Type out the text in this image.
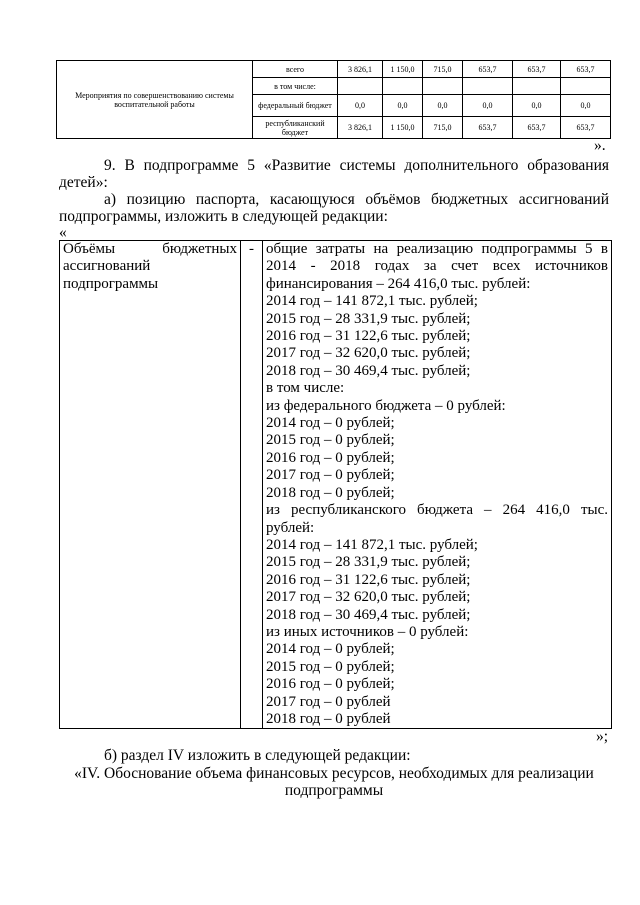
Мероприятия по совершенствованию системы воспитательной работы	всего	3 826,1	1 150,0	715,0	653,7	653,7	653,7
	в том числе:						
	федеральный бюджет	0,0	0,0	0,0	0,0	0,0	0,0
	республиканский бюджет	3 826,1	1 150,0	715,0	653,7	653,7	653,7
».
9. В подпрограмме 5 «Развитие системы дополнительного образования
детей»:
а) позицию паспорта, касающуюся объёмов бюджетных ассигнований
подпрограммы, изложить в следующей редакции:
«
Объёмы бюджетных
ассигнований
подпрограммы
	-	общие затраты на реализацию подпрограммы 5 в 2014 - 2018 годах за счет всех источников финансирования – 264 416,0 тыс. рублей:
2014 год – 141 872,1 тыс. рублей;
2015 год – 28 331,9 тыс. рублей;
2016 год – 31 122,6 тыс. рублей;
2017 год – 32 620,0 тыс. рублей;
2018 год – 30 469,4 тыс. рублей;
в том числе:
из федерального бюджета – 0 рублей:
2014 год – 0 рублей;
2015 год – 0 рублей;
2016 год – 0 рублей;
2017 год – 0 рублей;
2018 год – 0 рублей;
из республиканского бюджета – 264 416,0 тыс. рублей:
2014 год – 141 872,1 тыс. рублей;
2015 год – 28 331,9 тыс. рублей;
2016 год – 31 122,6 тыс. рублей;
2017 год – 32 620,0 тыс. рублей;
2018 год – 30 469,4 тыс. рублей;
из иных источников – 0 рублей:
2014 год – 0 рублей;
2015 год – 0 рублей;
2016 год – 0 рублей;
2017 год – 0 рублей
2018 год – 0 рублей
»;
б) раздел IV изложить в следующей редакции:
«IV. Обоснование объема финансовых ресурсов, необходимых для реализации
подпрограммы
